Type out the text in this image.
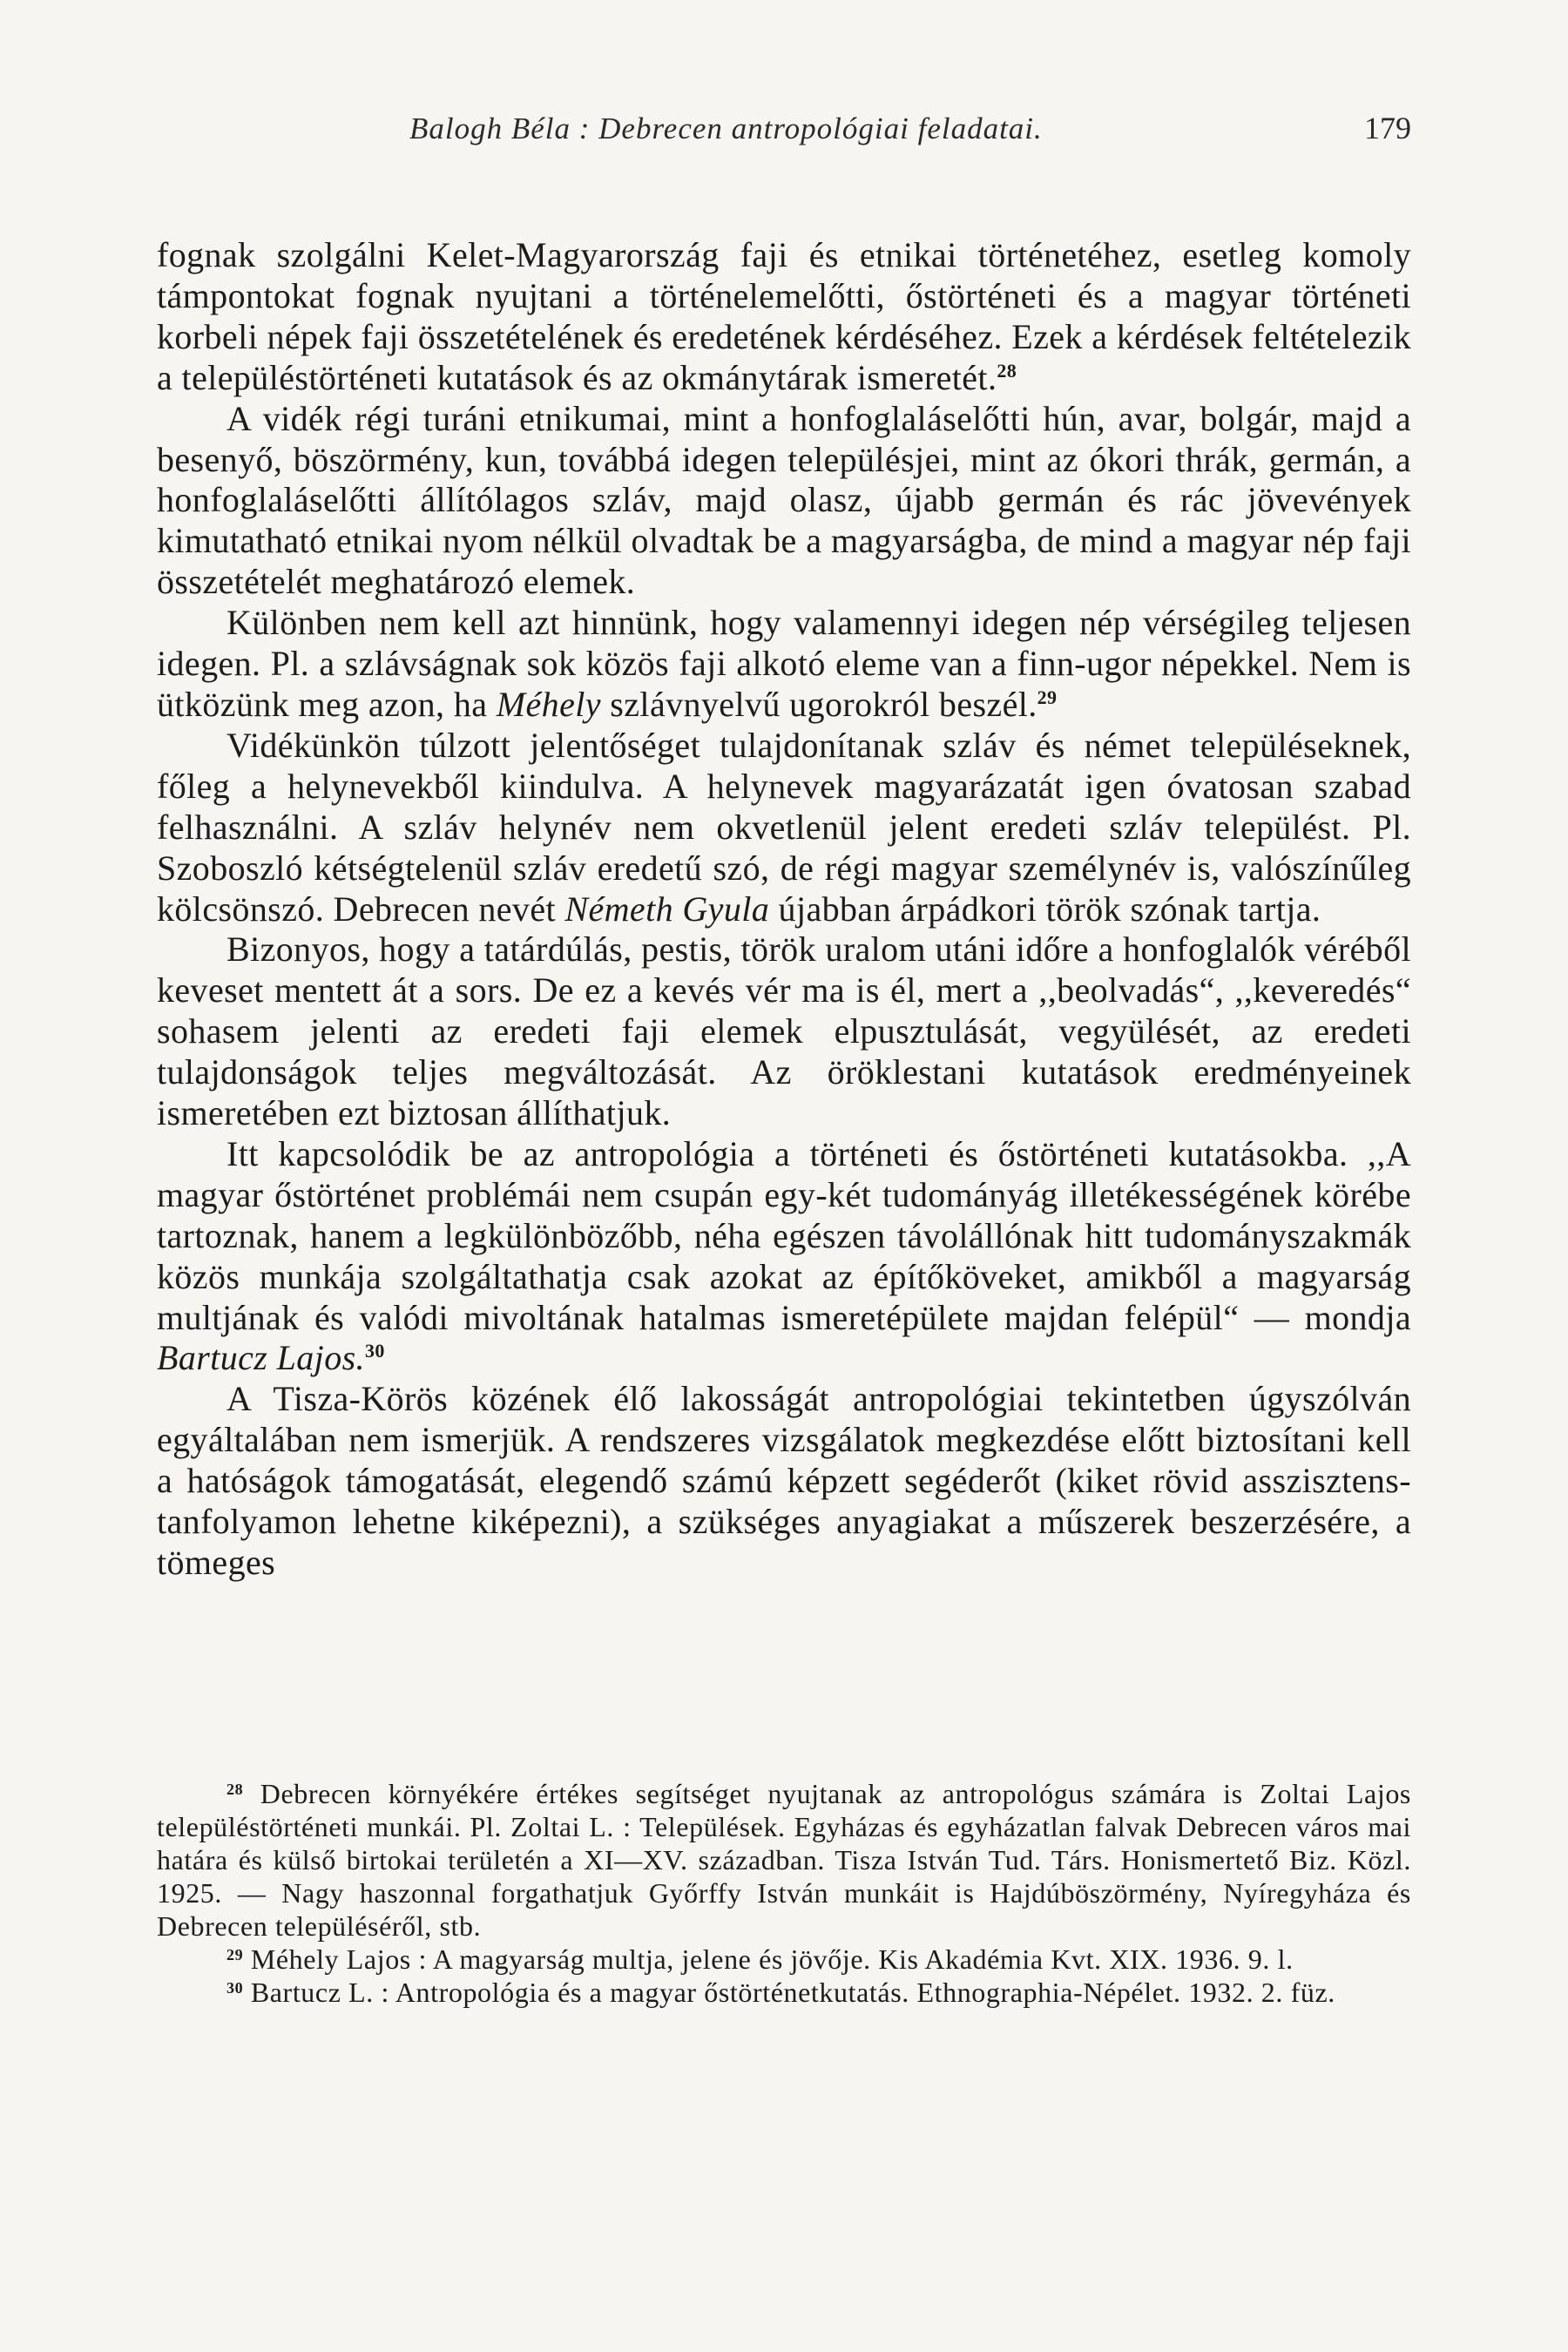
Balogh Béla : Debrecen antropológiai feladatai.	179

fognak szolgálni Kelet-Magyarország faji és etnikai történetéhez, esetleg komoly támpontokat fognak nyujtani a történelemelőtti, őstörténeti és a magyar történeti korbeli népek faji összetételének és eredetének kérdéséhez. Ezek a kérdések feltételezik a településtörténeti kutatások és az okmánytárak ismeretét.$^{28}$

A vidék régi turáni etnikumai, mint a honfoglaláselőtti hún, avar, bolgár, majd a besenyő, böszörmény, kun, továbbá idegen településjei, mint az ókori thrák, germán, a honfoglaláselőtti állítólagos szláv, majd olasz, újabb germán és rác jövevények kimutatható etnikai nyom nélkül olvadtak be a magyarságba, de mind a magyar nép faji összetételét meghatározó elemek.

Különben nem kell azt hinnünk, hogy valamennyi idegen nép vérségileg teljesen idegen. Pl. a szlávságnak sok közös faji alkotó eleme van a finn-ugor népekkel. Nem is ütközünk meg azon, ha Méhely szlávnyelvű ugorokról beszél.$^{29}$

Vidékünkön túlzott jelentőséget tulajdonítanak szláv és német településeknek, főleg a helynevekből kiindulva. A helynevek magyarázatát igen óvatosan szabad felhasználni. A szláv helynév nem okvetlenül jelent eredeti szláv települést. Pl. Szoboszló kétségtelenül szláv eredetű szó, de régi magyar személynév is, valószínűleg kölcsönszó. Debrecen nevét Németh Gyula újabban árpádkori török szónak tartja.

Bizonyos, hogy a tatárdúlás, pestis, török uralom utáni időre a honfoglalók véréből keveset mentett át a sors. De ez a kevés vér ma is él, mert a ,,beolvadás“, ,,keveredés“ sohasem jelenti az eredeti faji elemek elpusztulását, vegyülését, az eredeti tulajdonságok teljes megváltozását. Az öröklestani kutatások eredményeinek ismeretében ezt biztosan állíthatjuk.

Itt kapcsolódik be az antropológia a történeti és őstörténeti kutatásokba. ,,A magyar őstörténet problémái nem csupán egy-két tudományág illetékességének körébe tartoznak, hanem a legkülönbözőbb, néha egészen távolállónak hitt tudományszakmák közös munkája szolgáltathatja csak azokat az építőköveket, amikből a magyarság multjának és valódi mivoltának hatalmas ismeretépülete majdan felépül“ — mondja Bartucz Lajos.$^{30}$

A Tisza-Körös közének élő lakosságát antropológiai tekintetben úgyszólván egyáltalában nem ismerjük. A rendszeres vizsgálatok megkezdése előtt biztosítani kell a hatóságok támogatását, elegendő számú képzett segéderőt (kiket rövid asszisztens-tanfolyamon lehetne kiképezni), a szükséges anyagiakat a műszerek beszerzésére, a tömeges

$^{28}$ Debrecen környékére értékes segítséget nyujtanak az antropológus számára is Zoltai Lajos településtörténeti munkái. Pl. Zoltai L. : Települések. Egyházas és egyházatlan falvak Debrecen város mai határa és külső birtokai területén a XI—XV. században. Tisza István Tud. Társ. Honismertető Biz. Közl. 1925. — Nagy haszonnal forgathatjuk Győrffy István munkáit is Hajdúböszörmény, Nyíregyháza és Debrecen településéről, stb.

$^{29}$ Méhely Lajos : A magyarság multja, jelene és jövője. Kis Akadémia Kvt. XIX. 1936. 9. l.

$^{30}$ Bartucz L. : Antropológia és a magyar őstörténetkutatás. Ethnographia-Népélet. 1932. 2. füz.
